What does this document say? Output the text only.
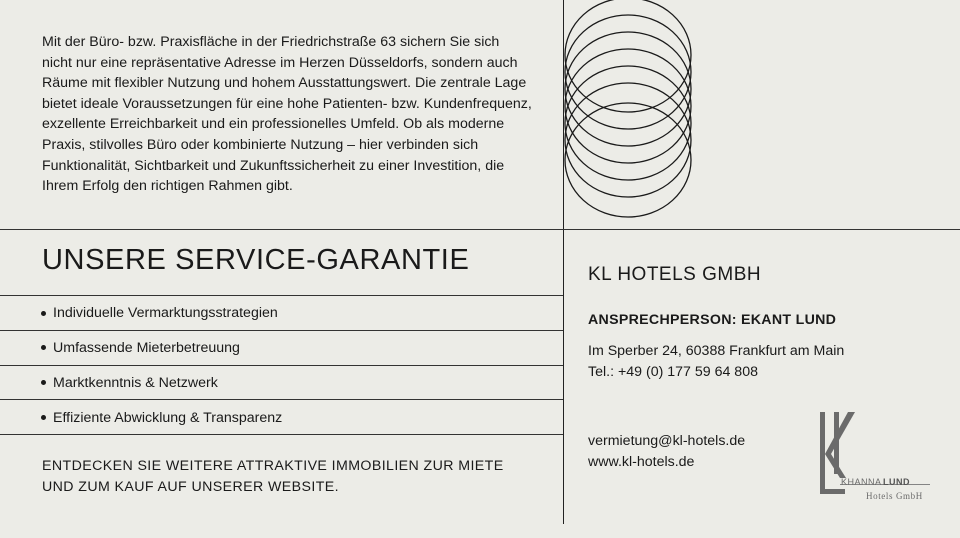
Mit der Büro- bzw. Praxisfläche in der Friedrichstraße 63 sichern Sie sich nicht nur eine repräsentative Adresse im Herzen Düsseldorfs, sondern auch Räume mit flexibler Nutzung und hohem Ausstattungswert. Die zentrale Lage bietet ideale Voraussetzungen für eine hohe Patienten- bzw. Kundenfrequenz, exzellente Erreichbarkeit und ein professionelles Umfeld. Ob als moderne Praxis, stilvolles Büro oder kombinierte Nutzung – hier verbinden sich Funktionalität, Sichtbarkeit und Zukunftssicherheit zu einer Investition, die Ihrem Erfolg den richtigen Rahmen gibt.

UNSERE SERVICE-GARANTIE
Individuelle Vermarktungsstrategien
Umfassende Mieterbetreuung
Marktkenntnis & Netzwerk
Effiziente Abwicklung & Transparenz

ENTDECKEN SIE WEITERE ATTRAKTIVE IMMOBILIEN ZUR MIETE UND ZUM KAUF AUF UNSERER WEBSITE.

KL HOTELS GMBH

ANSPRECHPERSON: EKANT LUND

Im Sperber 24, 60388 Frankfurt am Main
Tel.: +49 (0) 177 59 64 808

vermietung@kl-hotels.de
www.kl-hotels.de

KHANNA LUND
Hotels GmbH
